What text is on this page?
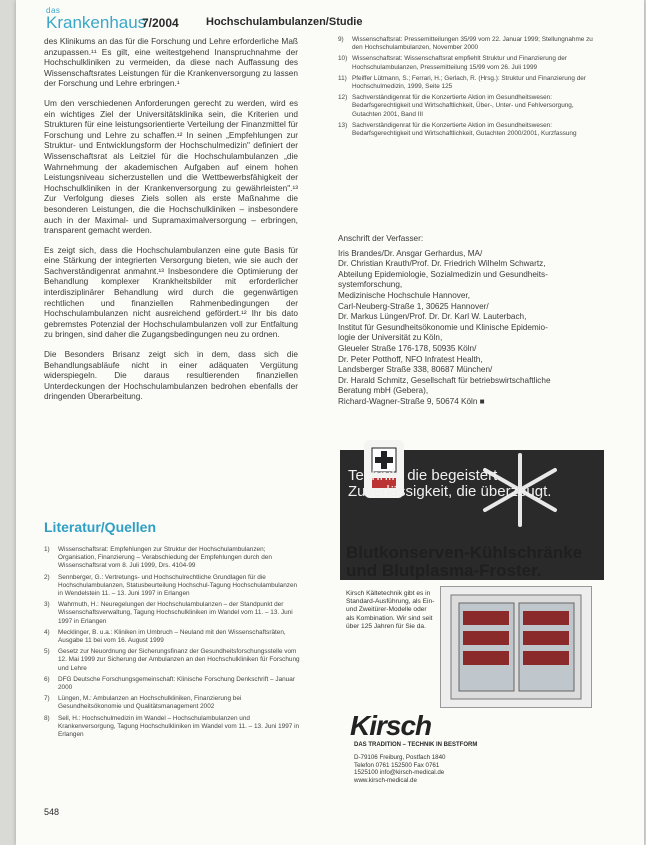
das
Krankenhaus
7/2004 Hochschulambulanzen/Studie

des Klinikums an das für die Forschung und Lehre erforderliche Maß anzupassen.¹¹ Es gilt, eine weitestgehend Inanspruchnahme der Hochschulkliniken zu vermeiden, da diese nach Auffassung des Wissenschaftsrates Leistungen für die Krankenversorgung zu lassen der Forschung und Lehre erbringen.¹

Um den verschiedenen Anforderungen gerecht zu werden, wird es ein wichtiges Ziel der Universitätsklinika sein, die Kriterien und Strukturen für eine leistungsorientierte Verteilung der Finanzmittel für Forschung und Lehre zu schaffen.¹² In seinen „Empfehlungen zur Struktur- und Entwicklungsform der Hochschulmedizin" definiert der Wissenschaftsrat als Leitziel für die Hochschulambulanzen „die Wahrnehmung der akademischen Aufgaben auf einem hohen Leistungsniveau sicherzustellen und die Wettbewerbsfähigkeit der Hochschulkliniken in der Krankenversorgung zu gewährleisten".¹³ Zur Verfolgung dieses Ziels sollen als erste Maßnahme die besonderen Leistungen, die die Hochschulkliniken – insbesondere auch in der Maximal- und Supramaximalversorgung – erbringen, transparent gemacht werden.

Es zeigt sich, dass die Hochschulambulanzen eine gute Basis für eine Stärkung der integrierten Versorgung bieten, wie sie auch der Sachverständigenrat anmahnt.¹³ Insbesondere die Optimierung der Behandlung komplexer Krankheitsbilder mit erforderlicher interdisziplinärer Behandlung wird durch die gegenwärtigen rechtlichen und finanziellen Rahmenbedingungen der Hochschulambulanzen nicht ausreichend gefördert.¹² Ihr bis dato gebremstes Potenzial der Hochschulambulanzen voll zur Entfaltung zu bringen, sind daher die Zugangsbedingungen neu zu ordnen.

Die Besonders Brisanz zeigt sich in dem, dass sich die Behandlungsabläufe nicht in einer adäquaten Vergütung widerspiegeln. Die daraus resultierenden finanziellen Unterdeckungen der Hochschulambulanzen bedrohen ebenfalls der dringenden Überarbeitung.

Literatur/Quellen
1)	Wissenschaftsrat: Empfehlungen zur Struktur der Hochschulambulanzen; Organisation, Finanzierung – Verabschiedung der Empfehlungen durch den Wissenschaftsrat vom 8. Juli 1999, Drs. 4104-99
2)	Sennberger, G.: Vertretungs- und Hochschulrechtliche Grundlagen für die Hochschulambulanzen, Statusbeurteilung Hochschul-Tagung Hochschulambulanzen in Wendelstein 11. – 13. Juni 1997 in Erlangen
3)	Wahrmuth, H.: Neuregelungen der Hochschulambulanzen – der Standpunkt der Wissenschaftsverwaltung, Tagung Hochschulkliniken im Wandel vom 11. – 13. Juni 1997 in Erlangen
4)	Mecklinger, B. u.a.: Kliniken im Umbruch – Neuland mit den Wissenschaftsräten, Ausgabe 11 bei vom 16. August 1999
5)	Gesetz zur Neuordnung der Sicherungsfinanz der Gesundheitsforschungsstelle vom 12. Mai 1999 zur Sicherung der Ambulanzen an den Hochschulkliniken für Forschung und Lehre
6)	DFG Deutsche Forschungsgemeinschaft: Klinische Forschung Denkschrift – Januar 2000
7)	Lüngen, M.: Ambulanzen an Hochschulkliniken, Finanzierung bei Gesundheitsökonomie und Qualitätsmanagement 2002
8)	Sell, H.: Hochschulmedizin im Wandel – Hochschulambulanzen und Krankenversorgung, Tagung Hochschulkliniken im Wandel vom 11. – 13. Juni 1997 in Erlangen
9)	Wissenschaftsrat: Pressemitteilungen 35/99 vom 22. Januar 1999; Stellungnahme zu den Hochschulambulanzen, November 2000
10) Wissenschaftsrat: Wissenschaftsrat empfiehlt Struktur und Finanzierung der Hochschulambulanzen, Pressemitteilung 15/99 vom 26. Juli 1999
11) Pfeiffer Lütmann, S.; Ferrari, H.; Gerlach, R. (Hrsg.): Struktur und Finanzierung der Hochschulmedizin, 1999, Seite 125
12) Sachverständigenrat für die Konzertierte Aktion im Gesundheitswesen: Bedarfsgerechtigkeit und Wirtschaftlichkeit, Über-, Unter- und Fehlversorgung, Gutachten 2001, Band III
13) Sachverständigenrat für die Konzertierte Aktion im Gesundheitswesen: Bedarfsgerechtigkeit und Wirtschaftlichkeit, Gutachten 2000/2001, Kurzfassung
Anschrift der Verfasser:
Iris Brandes/Dr. Ansgar Gerhardus, MA/
Dr. Christian Krauth/Prof. Dr. Friedrich Wilhelm Schwartz,
Abteilung Epidemiologie, Sozialmedizin und Gesundheits-
systemforschung,
Medizinische Hochschule Hannover,
Carl-Neuberg-Straße 1, 30625 Hannover/
Dr. Markus Lüngen/Prof. Dr. Dr. Karl W. Lauterbach,
Institut für Gesundheitsökonomie und Klinische Epidemio-
logie der Universität zu Köln,
Gleueler Straße 176-178, 50935 Köln/
Dr. Peter Potthoff, NFO Infratest Health,
Landsberger Straße 338, 80687 München/
Dr. Harald Schmitz, Gesellschaft für betriebswirtschaftliche
Beratung mbH (Gebera),
Richard-Wagner-Straße 9, 50674 Köln ■
Technik, die begeistert. Zuverlässigkeit, die überzeugt.
Blutkonserven-Kühlschränke und Blutplasma-Froster.
Kirsch Kältetechnik gibt es in Standard-Ausführung, als Ein- und Zweitürer-Modelle oder als Kombination. Wir sind seit über 125 Jahren für Sie da.
Kirsch
DAS TRADITION – TECHNIK IN BESTFORM
D-79106 Freiburg, Postfach 1840 Telefon 0761 152500 Fax 0761 1525100 info@kirsch-medical.de www.kirsch-medical.de
548
